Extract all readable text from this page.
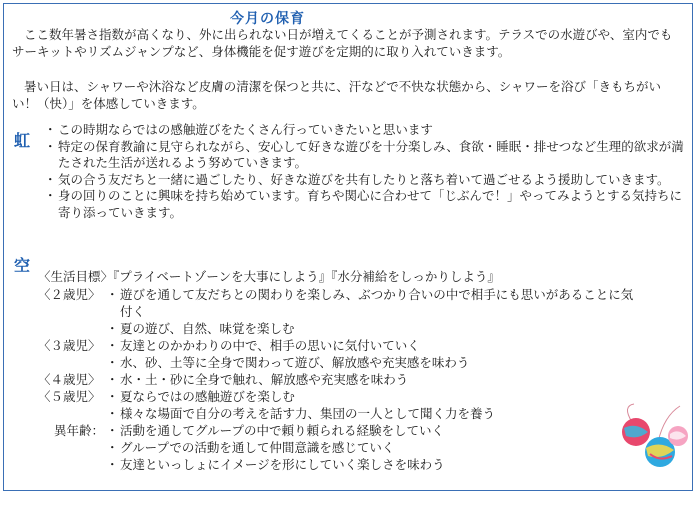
今月の保育
ここ数年暑さ指数が高くなり、外に出られない日が増えてくることが予測されます。テラスでの水遊びや、室内でもサーキットやリズムジャンプなど、身体機能を促す遊びを定期的に取り入れていきます。
暑い日は、シャワーや沐浴など皮膚の清潔を保つと共に、汗などで不快な状態から、シャワーを浴び「きもちがいい！（快）」を体感していきます。
虹
・ この時期ならではの感触遊びをたくさん行っていきたいと思います
・ 特定の保育教諭に見守られながら、安心して好きな遊びを十分楽しみ、食欲・睡眠・排せつなど生理的欲求が満たされた生活が送れるよう努めていきます。
・ 気の合う友だちと一緒に過ごしたり、好きな遊びを共有したりと落ち着いて過ごせるよう援助していきます。
・ 身の回りのことに興味を持ち始めています。育ちや関心に合わせて「じぶんで！」やってみようとする気持ちに寄り添っていきます。
空
〈生活目標〉『プライベートゾーンを大事にしよう』『水分補給をしっかりしよう』
〈２歳児〉 ・ 遊びを通して友だちとの関わりを楽しみ、ぶつかり合いの中で相手にも思いがあることに気付く
・ 夏の遊び、自然、味覚を楽しむ
〈３歳児〉 ・ 友達とのかかわりの中で、相手の思いに気付いていく
・ 水、砂、土等に全身で関わって遊び、解放感や充実感を味わう
〈４歳児〉 ・ 水・土・砂に全身で触れ、解放感や充実感を味わう
〈５歳児〉 ・ 夏ならではの感触遊びを楽しむ
・ 様々な場面で自分の考えを話す力、集団の一人として聞く力を養う
異年齢： ・ 活動を通してグループの中で頼り頼られる経験をしていく
・ グループでの活動を通して仲間意識を感じていく
・ 友達といっしょにイメージを形にしていく楽しさを味わう
